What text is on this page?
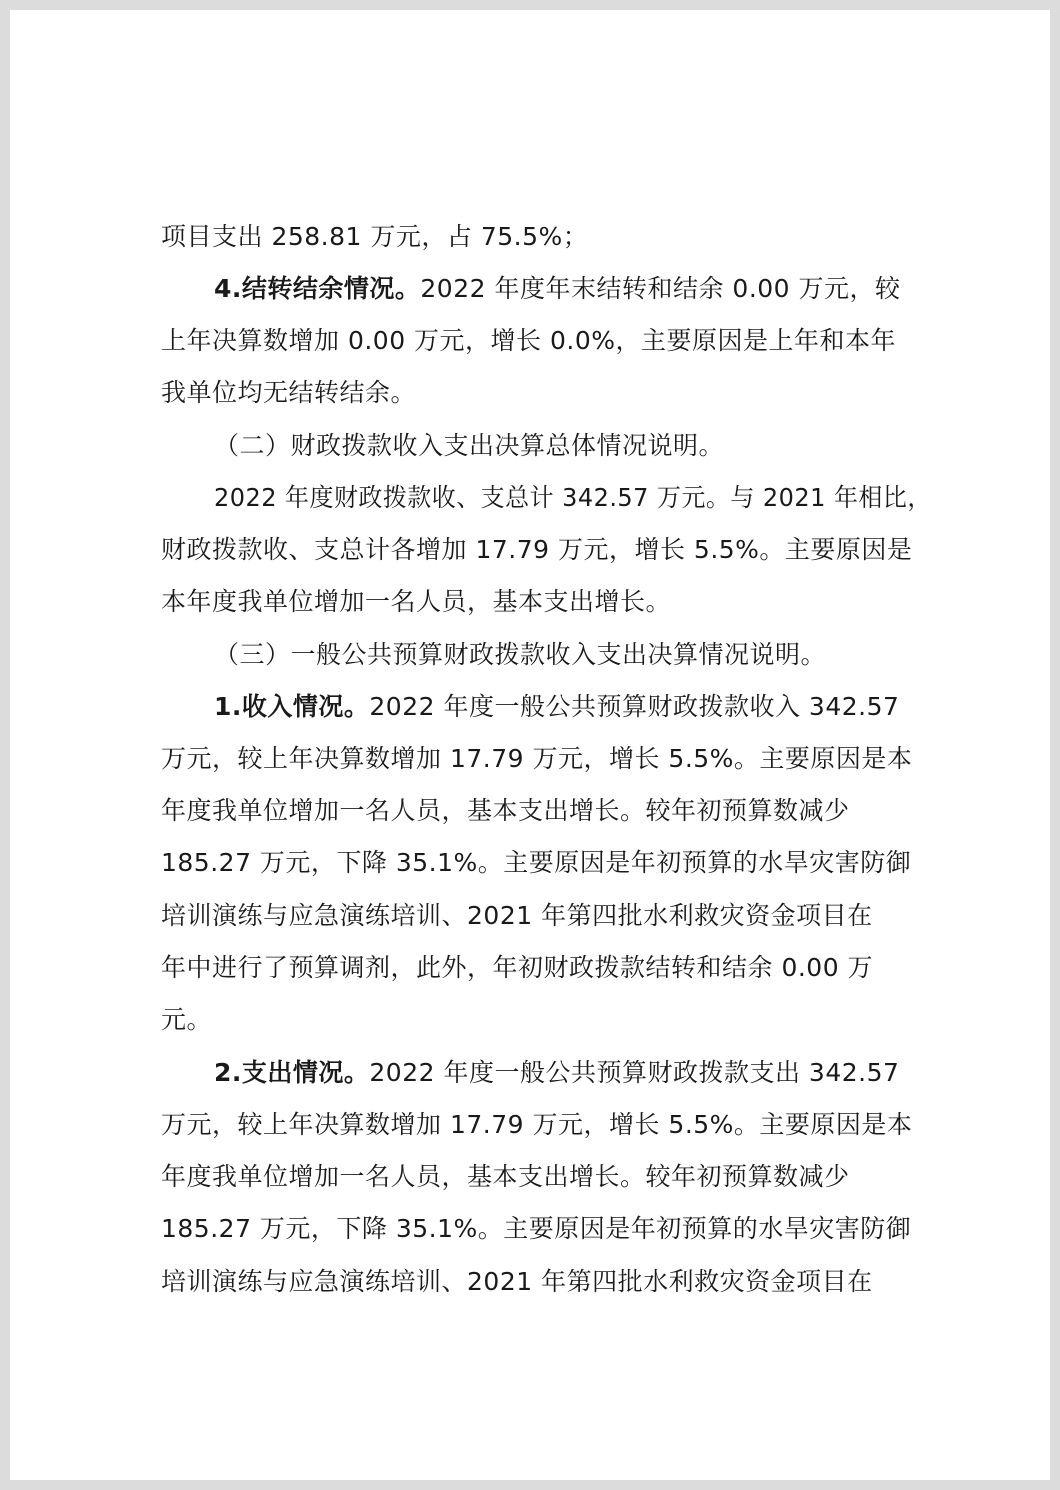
项目支出 258.81 万元，占 75.5%；
4.结转结余情况。2022 年度年末结转和结余 0.00 万元，较
上年决算数增加 0.00 万元，增长 0.0%，主要原因是上年和本年
我单位均无结转结余。
（二）财政拨款收入支出决算总体情况说明。
2022 年度财政拨款收、支总计 342.57 万元。与 2021 年相比，
财政拨款收、支总计各增加 17.79 万元，增长 5.5%。主要原因是
本年度我单位增加一名人员，基本支出增长。
（三）一般公共预算财政拨款收入支出决算情况说明。
1.收入情况。2022 年度一般公共预算财政拨款收入 342.57
万元，较上年决算数增加 17.79 万元，增长 5.5%。主要原因是本
年度我单位增加一名人员，基本支出增长。较年初预算数减少
185.27 万元，下降 35.1%。主要原因是年初预算的水旱灾害防御
培训演练与应急演练培训、2021 年第四批水利救灾资金项目在
年中进行了预算调剂，此外，年初财政拨款结转和结余 0.00 万
元。
2.支出情况。2022 年度一般公共预算财政拨款支出 342.57
万元，较上年决算数增加 17.79 万元，增长 5.5%。主要原因是本
年度我单位增加一名人员，基本支出增长。较年初预算数减少
185.27 万元，下降 35.1%。主要原因是年初预算的水旱灾害防御
培训演练与应急演练培训、2021 年第四批水利救灾资金项目在
